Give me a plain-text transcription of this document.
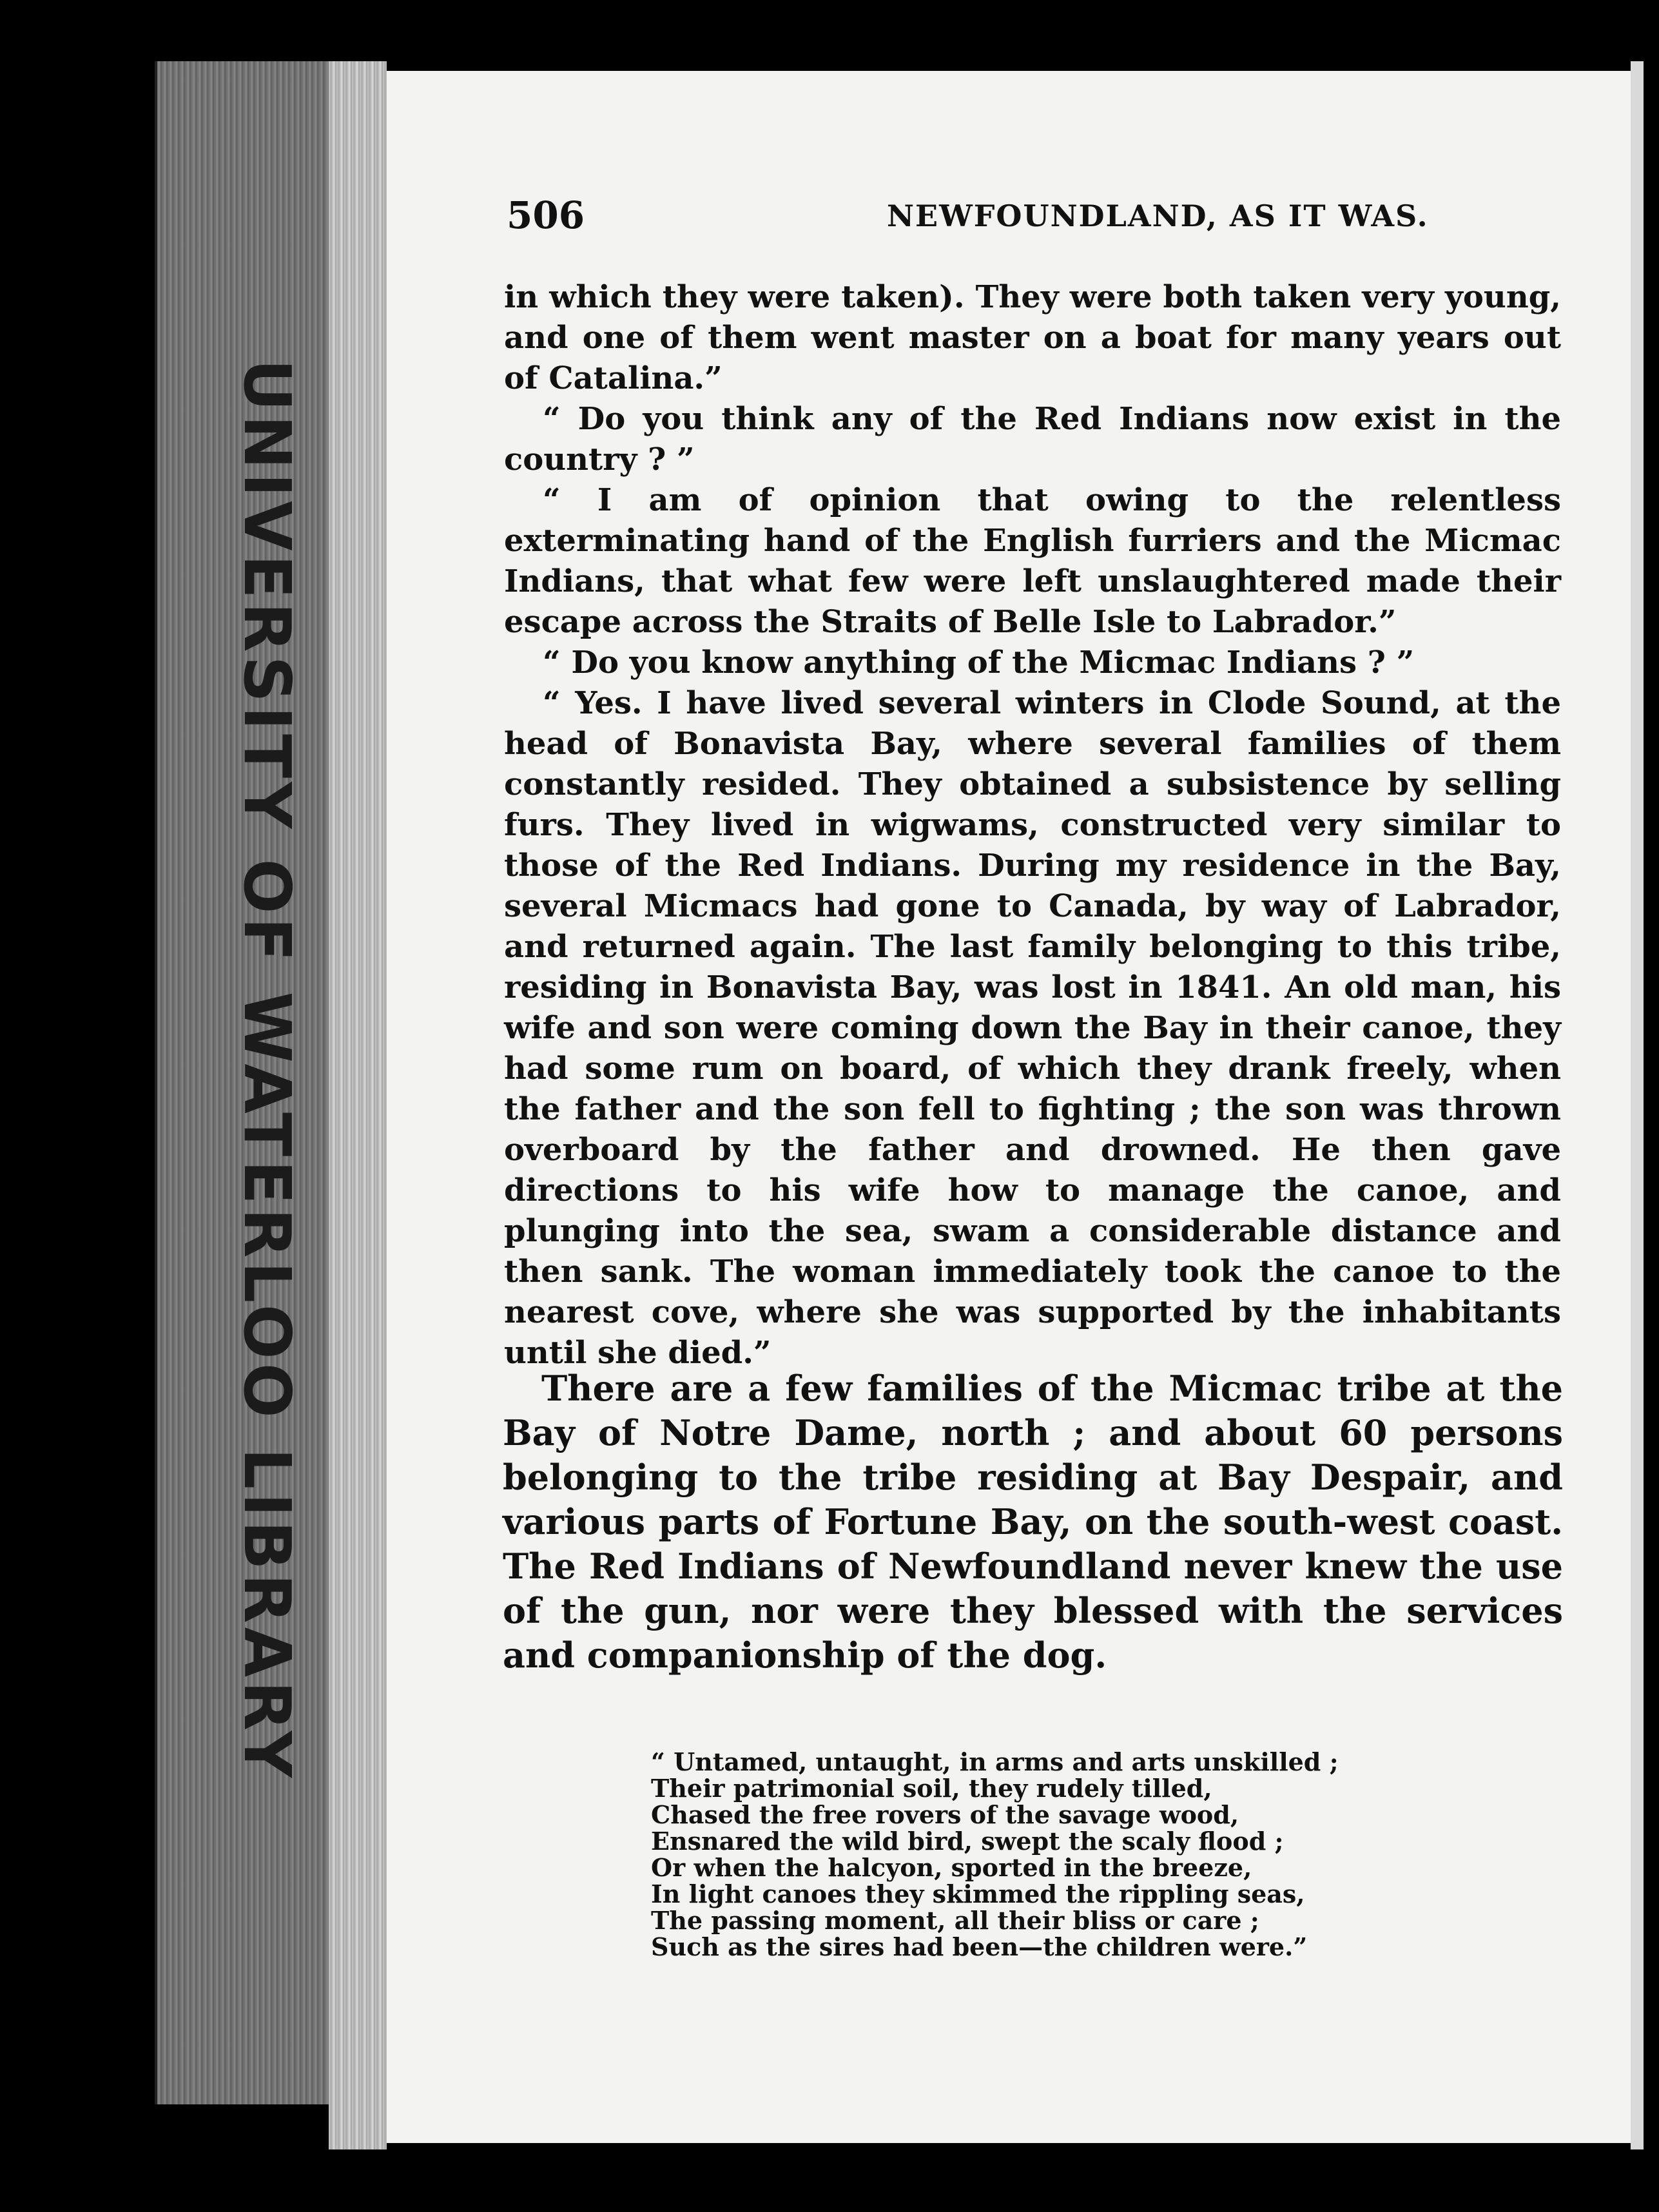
UNIVERSITY OF WATERLOO LIBRARY
506	NEWFOUNDLAND, AS IT WAS.

in which they were taken). They were both taken very young, and one of them went master on a boat for many years out of Catalina.”

“ Do you think any of the Red Indians now exist in the country ? ”

“ I am of opinion that owing to the relentless exterminating hand of the English furriers and the Micmac Indians, that what few were left unslaughtered made their escape across the Straits of Belle Isle to Labrador.”

“ Do you know anything of the Micmac Indians ? ”

“ Yes. I have lived several winters in Clode Sound, at the head of Bonavista Bay, where several families of them constantly resided. They obtained a subsistence by selling furs. They lived in wigwams, constructed very similar to those of the Red Indians. During my residence in the Bay, several Micmacs had gone to Canada, by way of Labrador, and returned again. The last family belonging to this tribe, residing in Bonavista Bay, was lost in 1841. An old man, his wife and son were coming down the Bay in their canoe, they had some rum on board, of which they drank freely, when the father and the son fell to fighting ; the son was thrown overboard by the father and drowned. He then gave directions to his wife how to manage the canoe, and plunging into the sea, swam a considerable distance and then sank. The woman immediately took the canoe to the nearest cove, where she was supported by the inhabitants until she died.”

There are a few families of the Micmac tribe at the Bay of Notre Dame, north ; and about 60 persons belonging to the tribe residing at Bay Despair, and various parts of Fortune Bay, on the south-west coast. The Red Indians of Newfoundland never knew the use of the gun, nor were they blessed with the services and companionship of the dog.

“ Untamed, untaught, in arms and arts unskilled ;
Their patrimonial soil, they rudely tilled,
Chased the free rovers of the savage wood,
Ensnared the wild bird, swept the scaly flood ;
Or when the halcyon, sported in the breeze,
In light canoes they skimmed the rippling seas,
The passing moment, all their bliss or care ;
Such as the sires had been—the children were.”
